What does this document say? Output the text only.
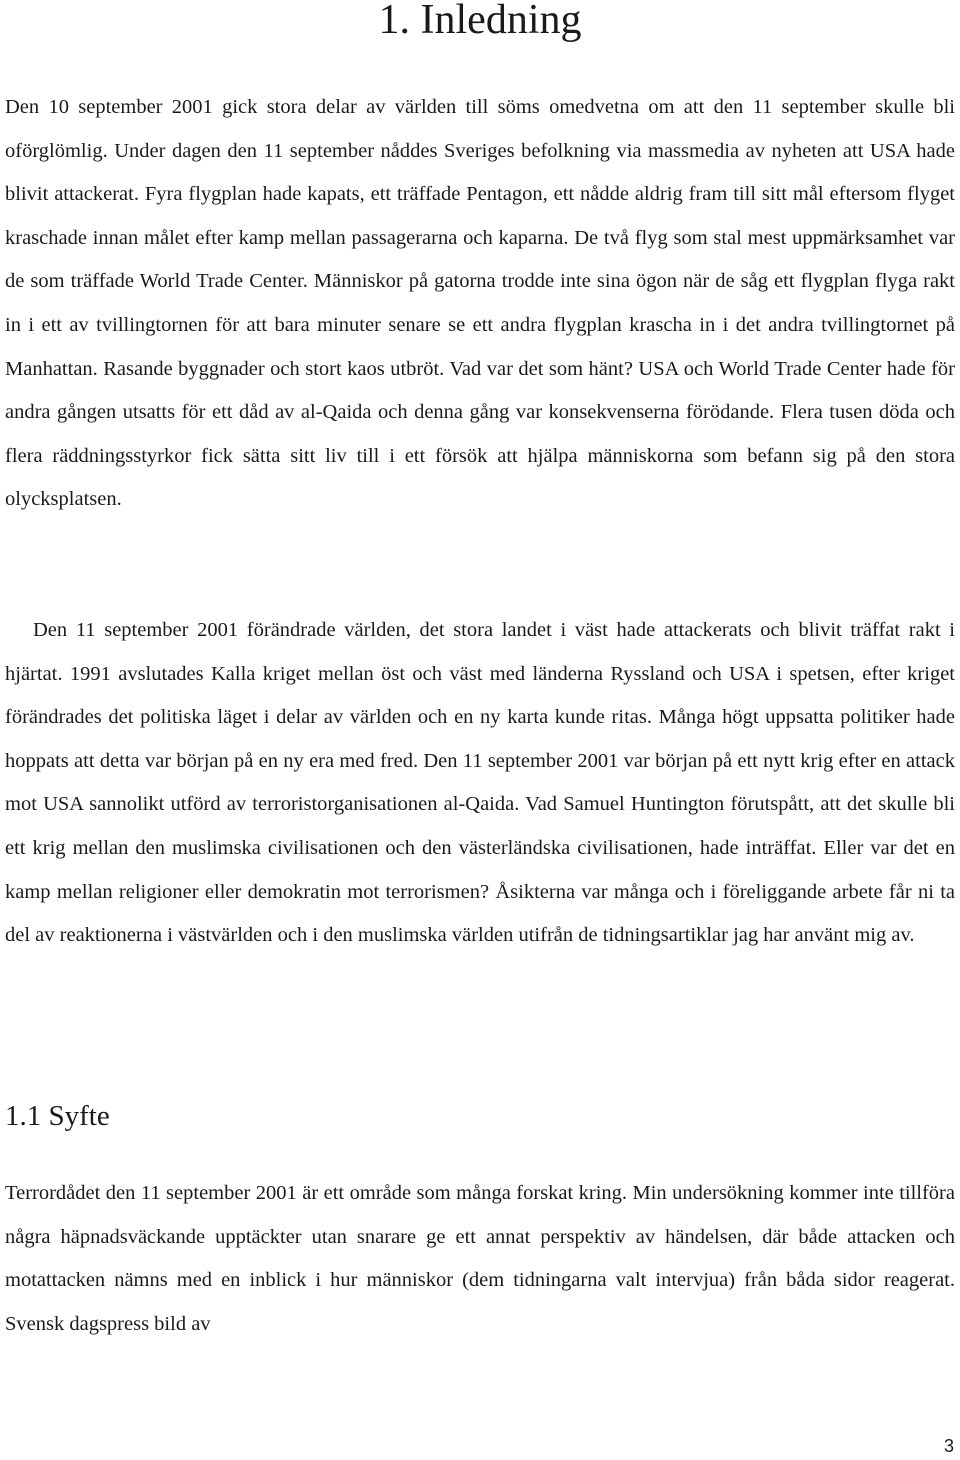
1. Inledning

Den 10 september 2001 gick stora delar av världen till söms omedvetna om att den 11 september skulle bli oförglömlig. Under dagen den 11 september nåddes Sveriges befolkning via massmedia av nyheten att USA hade blivit attackerat. Fyra flygplan hade kapats, ett träffade Pentagon, ett nådde aldrig fram till sitt mål eftersom flyget kraschade innan målet efter kamp mellan passagerarna och kaparna. De två flyg som stal mest uppmärksamhet var de som träffade World Trade Center. Människor på gatorna trodde inte sina ögon när de såg ett flygplan flyga rakt in i ett av tvillingtornen för att bara minuter senare se ett andra flygplan krascha in i det andra tvillingtornet på Manhattan. Rasande byggnader och stort kaos utbröt. Vad var det som hänt? USA och World Trade Center hade för andra gången utsatts för ett dåd av al-Qaida och denna gång var konsekvenserna förödande. Flera tusen döda och flera räddningsstyrkor fick sätta sitt liv till i ett försök att hjälpa människorna som befann sig på den stora olycksplatsen.

Den 11 september 2001 förändrade världen, det stora landet i väst hade attackerats och blivit träffat rakt i hjärtat. 1991 avslutades Kalla kriget mellan öst och väst med länderna Ryssland och USA i spetsen, efter kriget förändrades det politiska läget i delar av världen och en ny karta kunde ritas. Många högt uppsatta politiker hade hoppats att detta var början på en ny era med fred. Den 11 september 2001 var början på ett nytt krig efter en attack mot USA sannolikt utförd av terroristorganisationen al-Qaida. Vad Samuel Huntington förutspått, att det skulle bli ett krig mellan den muslimska civilisationen och den västerländska civilisationen, hade inträffat. Eller var det en kamp mellan religioner eller demokratin mot terrorismen? Åsikterna var många och i föreliggande arbete får ni ta del av reaktionerna i västvärlden och i den muslimska världen utifrån de tidningsartiklar jag har använt mig av.

1.1 Syfte

Terrordådet den 11 september 2001 är ett område som många forskat kring. Min undersökning kommer inte tillföra några häpnadsväckande upptäckter utan snarare ge ett annat perspektiv av händelsen, där både attacken och motattacken nämns med en inblick i hur människor (dem tidningarna valt intervjua) från båda sidor reagerat. Svensk dagspress bild av

3
